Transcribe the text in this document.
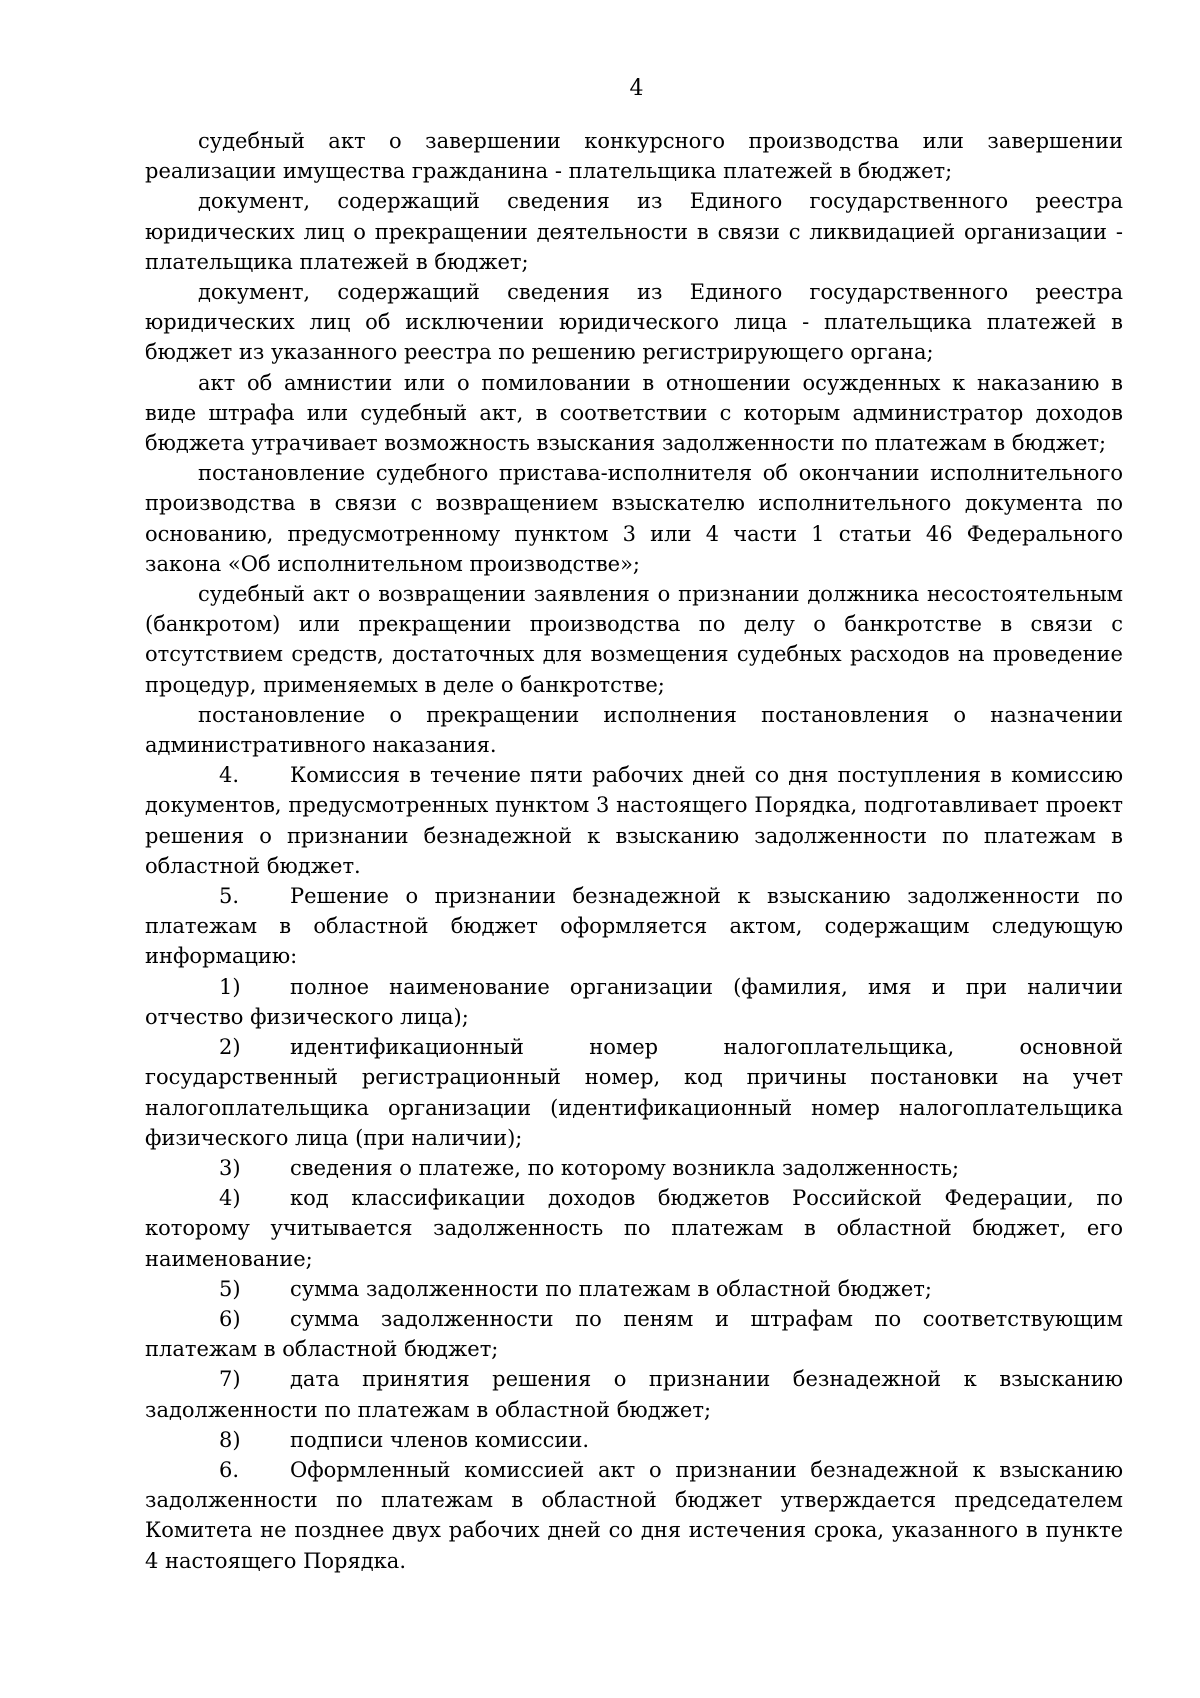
4

судебный акт о завершении конкурсного производства или завершении реализации имущества гражданина - плательщика платежей в бюджет;

документ, содержащий сведения из Единого государственного реестра юридических лиц о прекращении деятельности в связи с ликвидацией организации - плательщика платежей в бюджет;

документ, содержащий сведения из Единого государственного реестра юридических лиц об исключении юридического лица - плательщика платежей в бюджет из указанного реестра по решению регистрирующего органа;

акт об амнистии или о помиловании в отношении осужденных к наказанию в виде штрафа или судебный акт, в соответствии с которым администратор доходов бюджета утрачивает возможность взыскания задолженности по платежам в бюджет;

постановление судебного пристава-исполнителя об окончании исполнительного производства в связи с возвращением взыскателю исполнительного документа по основанию, предусмотренному пунктом 3 или 4 части 1 статьи 46 Федерального закона «Об исполнительном производстве»;

судебный акт о возвращении заявления о признании должника несостоятельным (банкротом) или прекращении производства по делу о банкротстве в связи с отсутствием средств, достаточных для возмещения судебных расходов на проведение процедур, применяемых в деле о банкротстве;

постановление о прекращении исполнения постановления о назначении административного наказания.

4. Комиссия в течение пяти рабочих дней со дня поступления в комиссию документов, предусмотренных пунктом 3 настоящего Порядка, подготавливает проект решения о признании безнадежной к взысканию задолженности по платежам в областной бюджет.

5. Решение о признании безнадежной к взысканию задолженности по платежам в областной бюджет оформляется актом, содержащим следующую информацию:

1) полное наименование организации (фамилия, имя и при наличии отчество физического лица);

2) идентификационный номер налогоплательщика, основной государственный регистрационный номер, код причины постановки на учет налогоплательщика организации (идентификационный номер налогоплательщика физического лица (при наличии);

3) сведения о платеже, по которому возникла задолженность;

4) код классификации доходов бюджетов Российской Федерации, по которому учитывается задолженность по платежам в областной бюджет, его наименование;

5) сумма задолженности по платежам в областной бюджет;

6) сумма задолженности по пеням и штрафам по соответствующим платежам в областной бюджет;

7) дата принятия решения о признании безнадежной к взысканию задолженности по платежам в областной бюджет;

8) подписи членов комиссии.

6. Оформленный комиссией акт о признании безнадежной к взысканию задолженности по платежам в областной бюджет утверждается председателем Комитета не позднее двух рабочих дней со дня истечения срока, указанного в пункте 4 настоящего Порядка.
